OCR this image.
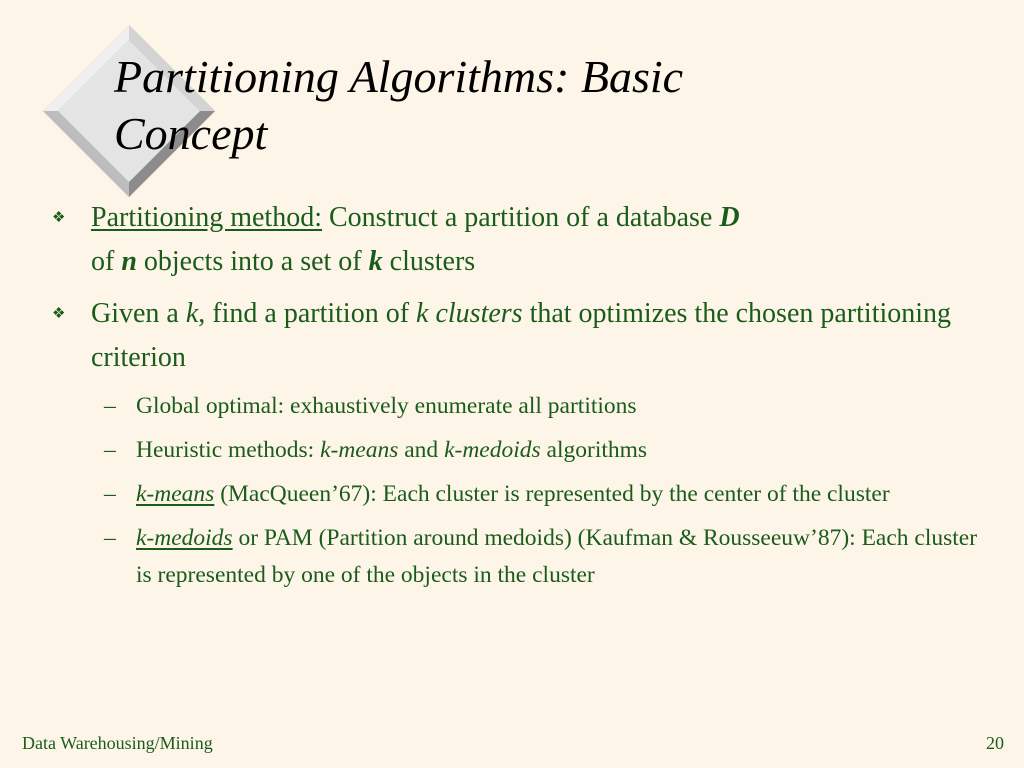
Partitioning Algorithms: Basic
Concept
❖ Partitioning method: Construct a partition of a database D
of n objects into a set of k clusters
❖ Given a k, find a partition of k clusters that optimizes the chosen partitioning criterion
– Global optimal: exhaustively enumerate all partitions
– Heuristic methods: k-means and k-medoids algorithms
– k-means (MacQueen’67): Each cluster is represented by the center of the cluster
– k-medoids or PAM (Partition around medoids) (Kaufman & Rousseeuw’87): Each cluster is represented by one of the objects in the cluster
Data Warehousing/Mining	20
